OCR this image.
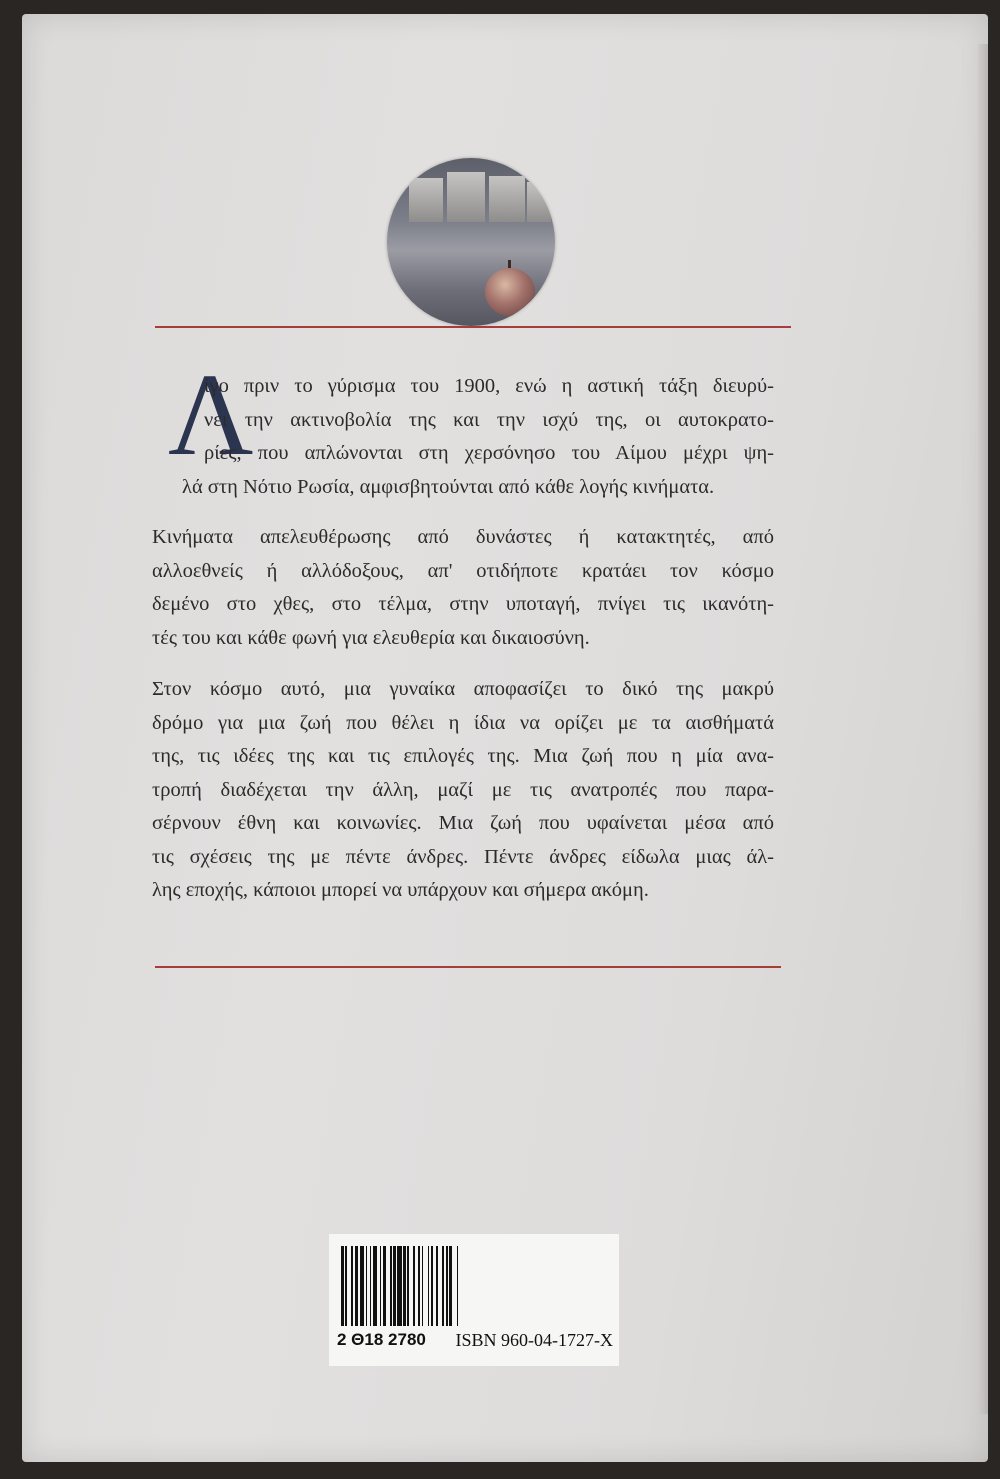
Λ
ίγο πριν το γύρισμα του 1900, ενώ η αστική τάξη διευρύ-
νει την ακτινοβολία της και την ισχύ της, οι αυτοκρατο-
ρίες, που απλώνονται στη χερσόνησο του Αίμου μέχρι ψη-
λά στη Νότιο Ρωσία, αμφισβητούνται από κάθε λογής κινήματα.
Κινήματα απελευθέρωσης από δυνάστες ή κατακτητές, από
αλλοεθνείς ή αλλόδοξους, απ' οτιδήποτε κρατάει τον κόσμο
δεμένο στο χθες, στο τέλμα, στην υποταγή, πνίγει τις ικανότη-
τές του και κάθε φωνή για ελευθερία και δικαιοσύνη.
Στον κόσμο αυτό, μια γυναίκα αποφασίζει το δικό της μακρύ
δρόμο για μια ζωή που θέλει η ίδια να ορίζει με τα αισθήματά
της, τις ιδέες της και τις επιλογές της. Μια ζωή που η μία ανα-
τροπή διαδέχεται την άλλη, μαζί με τις ανατροπές που παρα-
σέρνουν έθνη και κοινωνίες. Μια ζωή που υφαίνεται μέσα από
τις σχέσεις της με πέντε άνδρες. Πέντε άνδρες είδωλα μιας άλ-
λης εποχής, κάποιοι μπορεί να υπάρχουν και σήμερα ακόμη.
2 Θ18 2780 ISBN 960-04-1727-X
